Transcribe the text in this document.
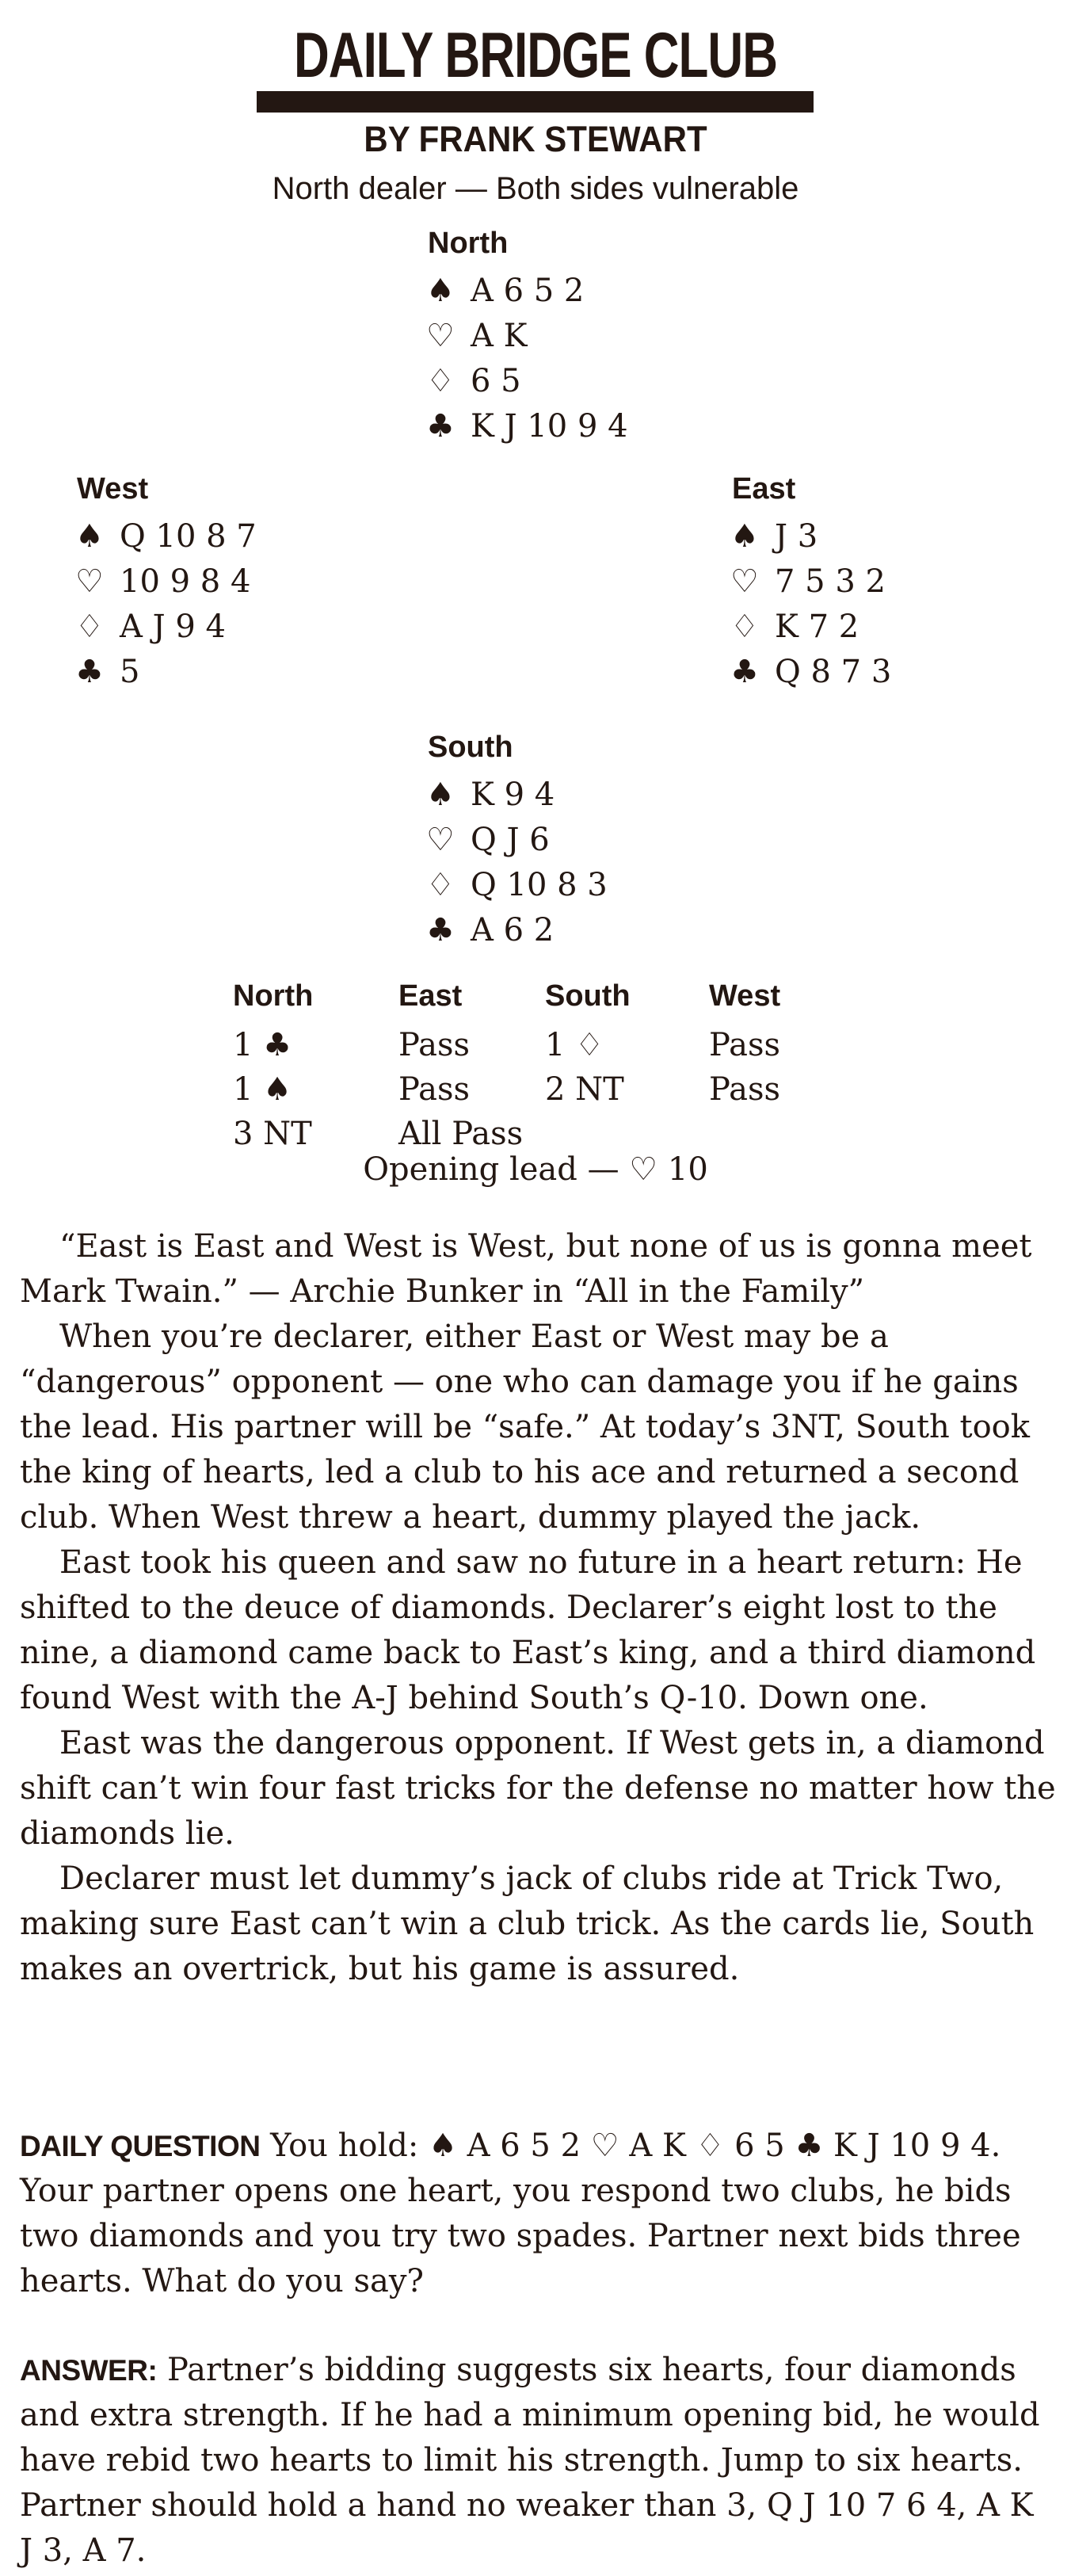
DAILY BRIDGE CLUB
BY FRANK STEWART
North dealer — Both sides vulnerable
North
♠ A 6 5 2
♡ A K
♢ 6 5
♣ K J 10 9 4
West
♠ Q 10 8 7
♡ 10 9 8 4
♢ A J 9 4
♣ 5
East
♠ J 3
♡ 7 5 3 2
♢ K 7 2
♣ Q 8 7 3
South
♠ K 9 4
♡ Q J 6
♢ Q 10 8 3
♣ A 6 2
North	East	South	West
1 ♣	Pass	1 ♢	Pass
1 ♠	Pass	2 NT	Pass
3 NT	All Pass
Opening lead — ♡ 10

“East is East and West is West, but none of us is gonna meet Mark Twain.” — Archie Bunker in “All in the Family”

When you’re declarer, either East or West may be a “dangerous” opponent — one who can damage you if he gains the lead. His partner will be “safe.” At today’s 3NT, South took the king of hearts, led a club to his ace and returned a second club. When West threw a heart, dummy played the jack.

East took his queen and saw no future in a heart return: He shifted to the deuce of diamonds. Declarer’s eight lost to the nine, a diamond came back to East’s king, and a third diamond found West with the A-J behind South’s Q-10. Down one.

East was the dangerous opponent. If West gets in, a diamond shift can’t win four fast tricks for the defense no matter how the diamonds lie.

Declarer must let dummy’s jack of clubs ride at Trick Two, making sure East can’t win a club trick. As the cards lie, South makes an overtrick, but his game is assured.

DAILY QUESTION You hold: ♠ A 6 5 2 ♡ A K ♢ 6 5 ♣ K J 10 9 4. Your partner opens one heart, you respond two clubs, he bids two diamonds and you try two spades. Partner next bids three hearts. What do you say?

ANSWER: Partner’s bidding suggests six hearts, four diamonds and extra strength. If he had a minimum opening bid, he would have rebid two hearts to limit his strength. Jump to six hearts. Partner should hold a hand no weaker than 3, Q J 10 7 6 4, A K J 3, A 7.
